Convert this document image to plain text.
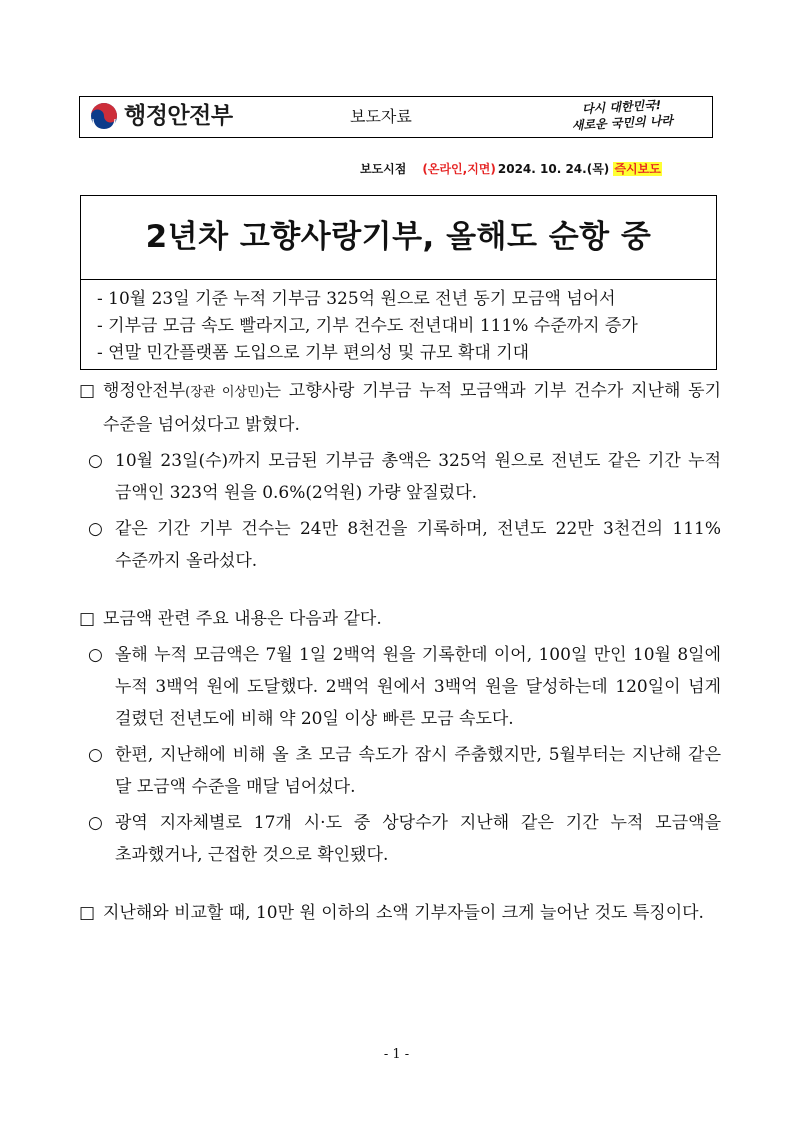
행정안전부	보도자료	다시 대한민국!
새로운 국민의 나라
보도시점 (온라인,지면) 2024. 10. 24.(목) 즉시보도
2년차 고향사랑기부, 올해도 순항 중
- 10월 23일 기준 누적 기부금 325억 원으로 전년 동기 모금액 넘어서
- 기부금 모금 속도 빨라지고, 기부 건수도 전년대비 111% 수준까지 증가
- 연말 민간플랫폼 도입으로 기부 편의성 및 규모 확대 기대
□ 행정안전부(장관 이상민)는 고향사랑 기부금 누적 모금액과 기부 건수가 지난해 동기 수준을 넘어섰다고 밝혔다.
○ 10월 23일(수)까지 모금된 기부금 총액은 325억 원으로 전년도 같은 기간 누적 금액인 323억 원을 0.6%(2억원) 가량 앞질렀다.
○ 같은 기간 기부 건수는 24만 8천건을 기록하며, 전년도 22만 3천건의 111% 수준까지 올라섰다.
□ 모금액 관련 주요 내용은 다음과 같다.
○ 올해 누적 모금액은 7월 1일 2백억 원을 기록한데 이어, 100일 만인 10월 8일에 누적 3백억 원에 도달했다. 2백억 원에서 3백억 원을 달성하는데 120일이 넘게 걸렸던 전년도에 비해 약 20일 이상 빠른 모금 속도다.
○ 한편, 지난해에 비해 올 초 모금 속도가 잠시 주춤했지만, 5월부터는 지난해 같은 달 모금액 수준을 매달 넘어섰다.
○ 광역 지자체별로 17개 시·도 중 상당수가 지난해 같은 기간 누적 모금액을 초과했거나, 근접한 것으로 확인됐다.
□ 지난해와 비교할 때, 10만 원 이하의 소액 기부자들이 크게 늘어난 것도 특징이다.
- 1 -
